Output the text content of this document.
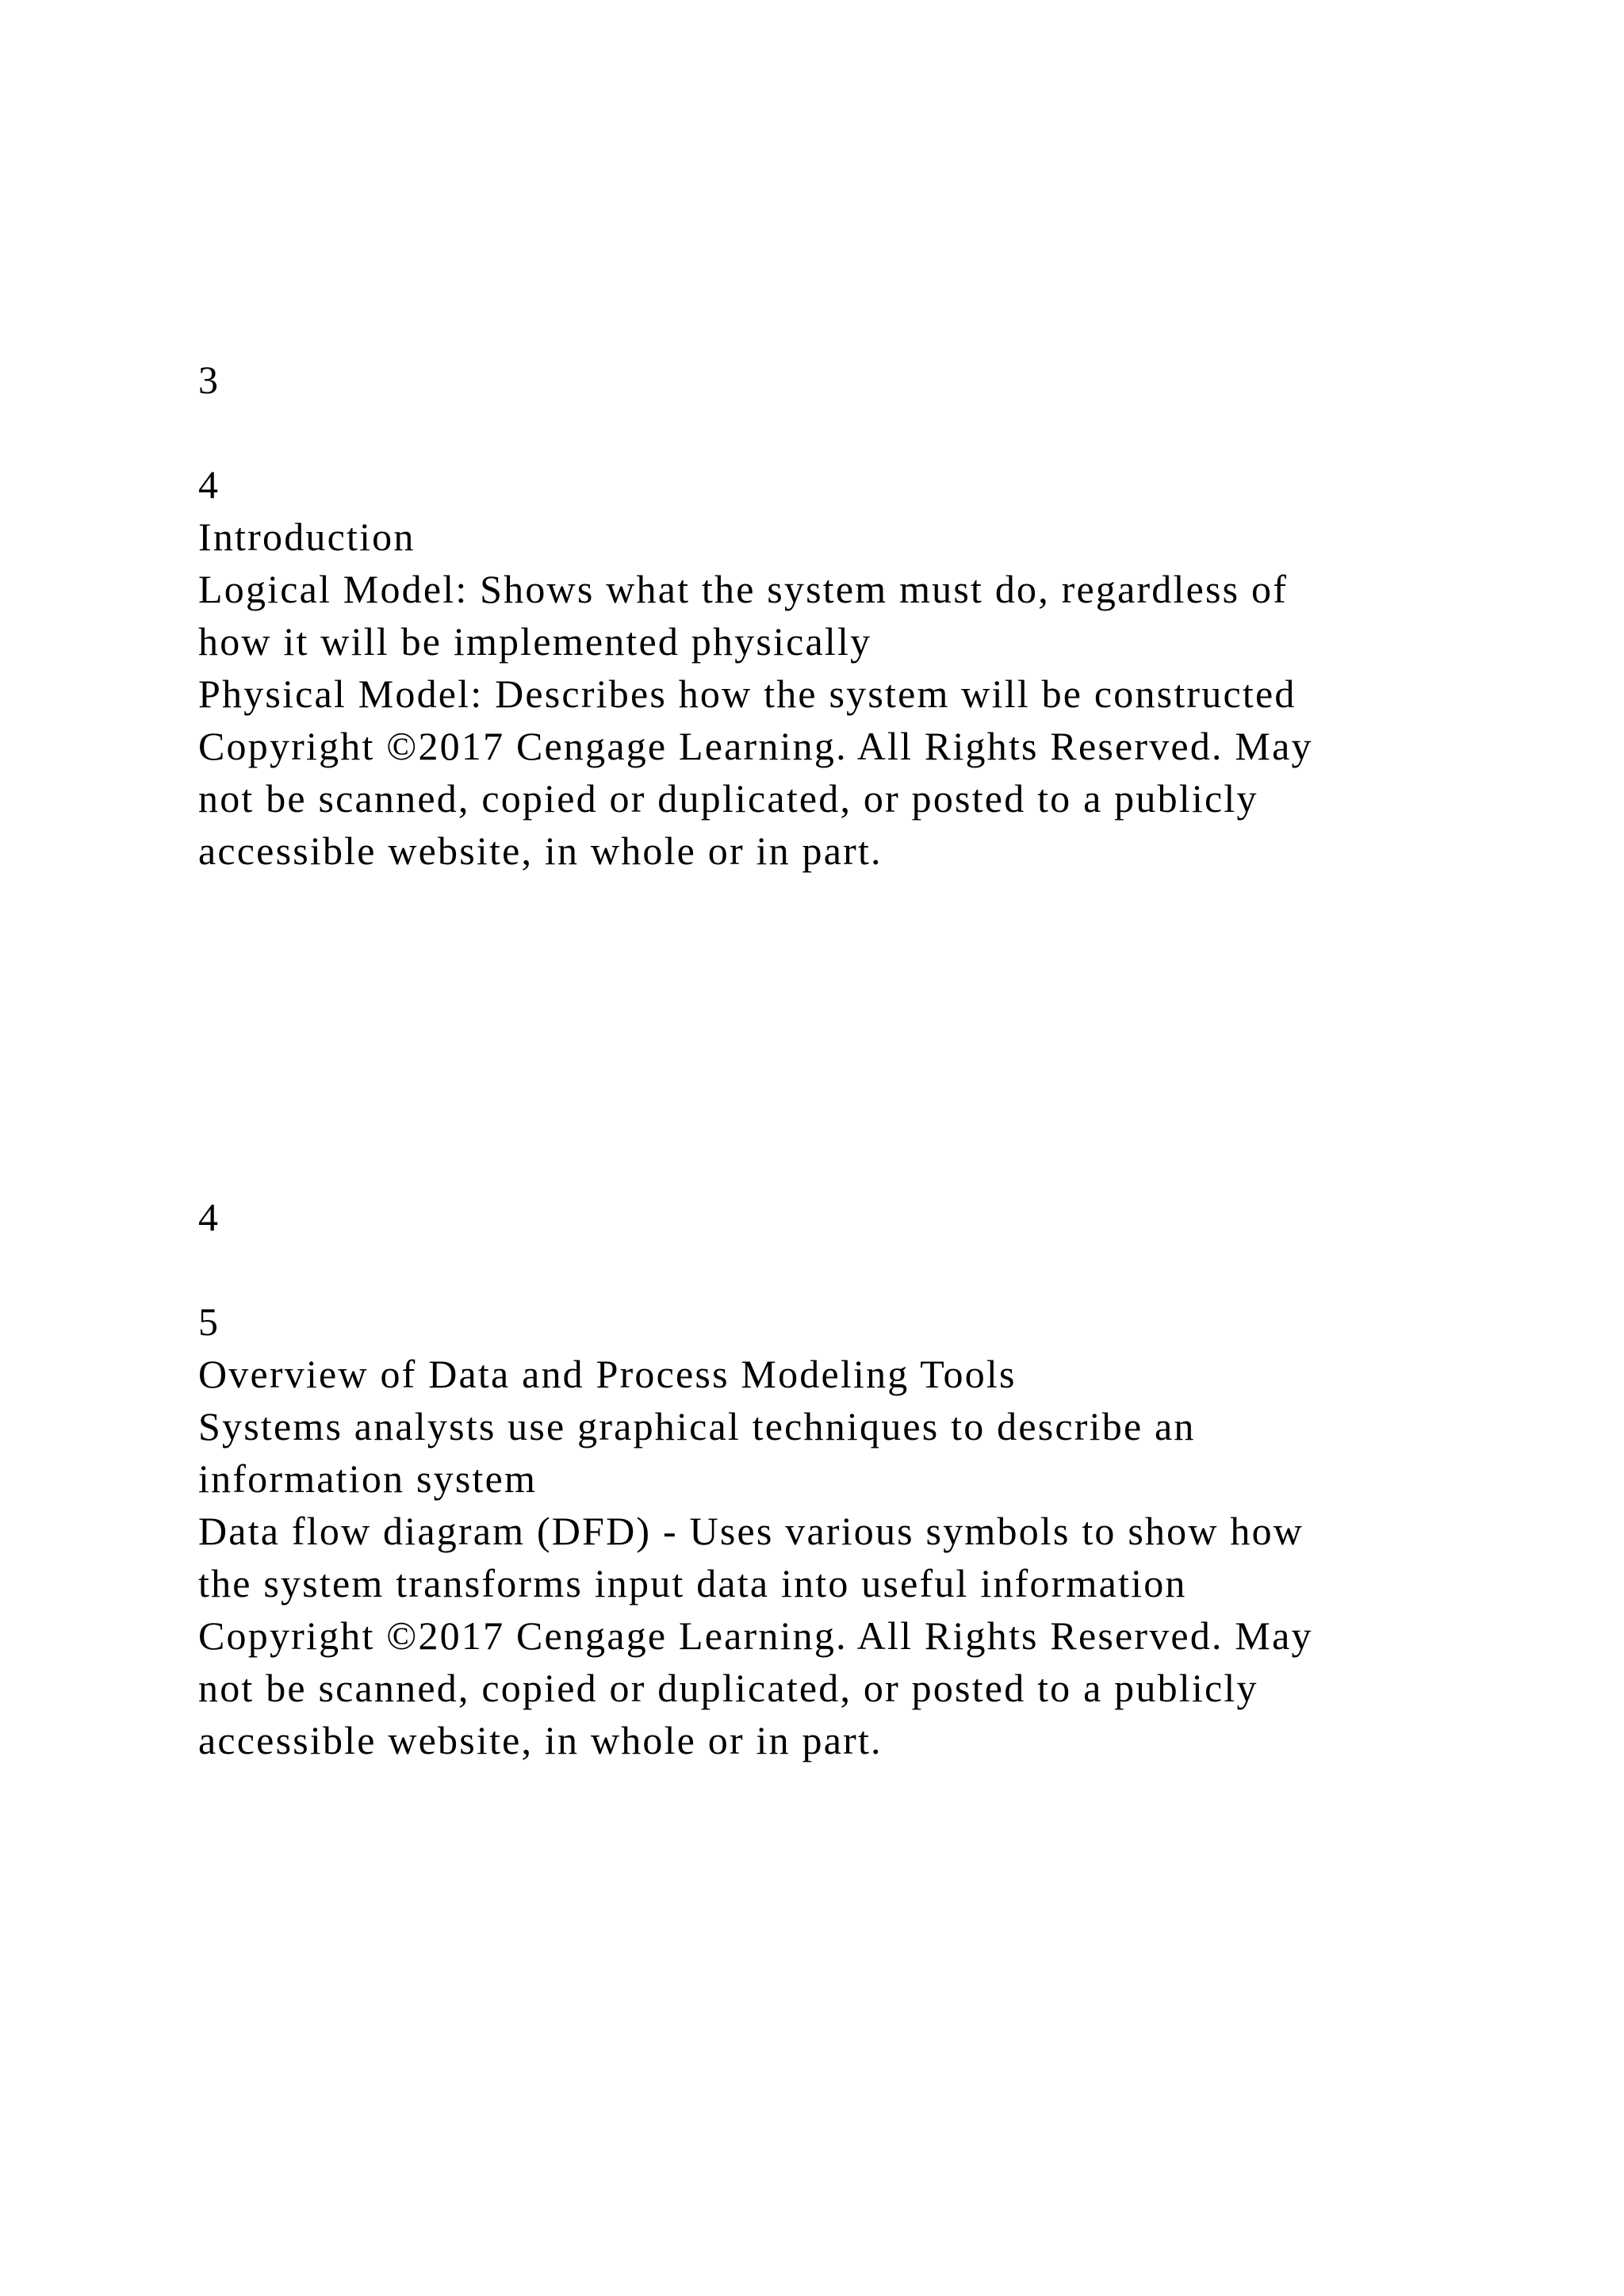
3

4

Introduction

Logical Model: Shows what the system must do, regardless of

how it will be implemented physically

Physical Model: Describes how the system will be constructed

Copyright ©2017 Cengage Learning. All Rights Reserved. May

not be scanned, copied or duplicated, or posted to a publicly

accessible website, in whole or in part.

4

5

Overview of Data and Process Modeling Tools

Systems analysts use graphical techniques to describe an

information system

Data flow diagram (DFD) - Uses various symbols to show how

the system transforms input data into useful information

Copyright ©2017 Cengage Learning. All Rights Reserved. May

not be scanned, copied or duplicated, or posted to a publicly

accessible website, in whole or in part.
